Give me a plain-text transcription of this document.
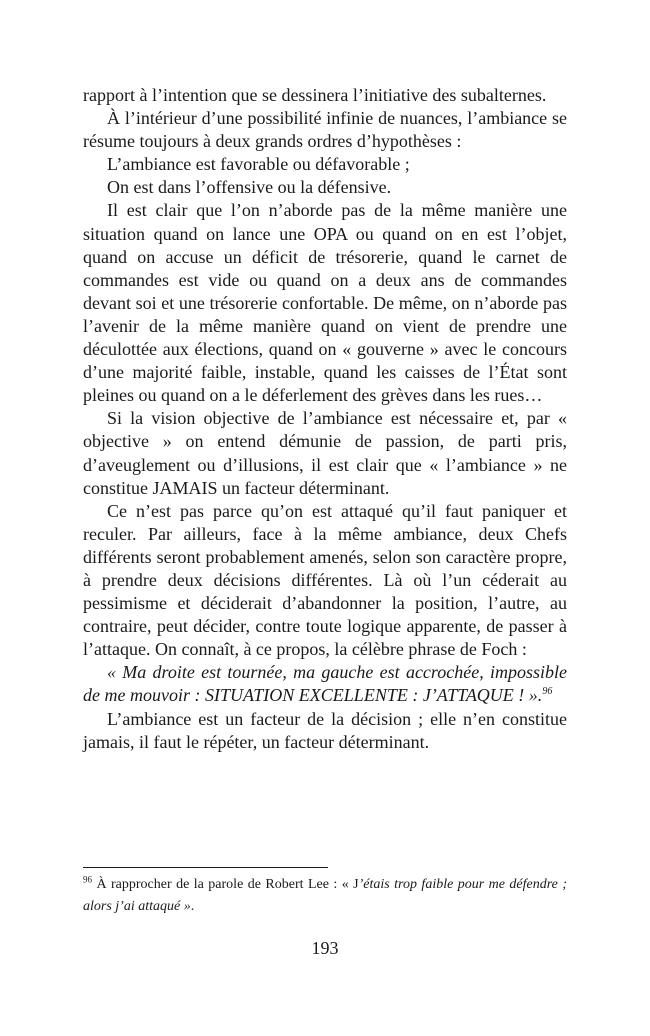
rapport à l’intention que se dessinera l’initiative des subalternes.

À l’intérieur d’une possibilité infinie de nuances, l’ambiance se résume toujours à deux grands ordres d’hypothèses :

L’ambiance est favorable ou défavorable ;

On est dans l’offensive ou la défensive.

Il est clair que l’on n’aborde pas de la même manière une situation quand on lance une OPA ou quand on en est l’objet, quand on accuse un déficit de trésorerie, quand le carnet de commandes est vide ou quand on a deux ans de commandes devant soi et une trésorerie confortable. De même, on n’aborde pas l’avenir de la même manière quand on vient de prendre une déculottée aux élections, quand on « gouverne » avec le concours d’une majorité faible, instable, quand les caisses de l’État sont pleines ou quand on a le déferlement des grèves dans les rues…

Si la vision objective de l’ambiance est nécessaire et, par « objective » on entend démunie de passion, de parti pris, d’aveuglement ou d’illusions, il est clair que « l’ambiance » ne constitue JAMAIS un facteur déterminant.

Ce n’est pas parce qu’on est attaqué qu’il faut paniquer et reculer. Par ailleurs, face à la même ambiance, deux Chefs différents seront probablement amenés, selon son caractère propre, à prendre deux décisions différentes. Là où l’un céderait au pessimisme et déciderait d’abandonner la position, l’autre, au contraire, peut décider, contre toute logique apparente, de passer à l’attaque. On connaît, à ce propos, la célèbre phrase de Foch :

« Ma droite est tournée, ma gauche est accrochée, impossible de me mouvoir : SITUATION EXCELLENTE : J’ATTAQUE ! ».$^{96}$

L’ambiance est un facteur de la décision ; elle n’en constitue jamais, il faut le répéter, un facteur déterminant.

$^{96}$ À rapprocher de la parole de Robert Lee : « J’étais trop faible pour me défendre ; alors j’ai attaqué ».
193
